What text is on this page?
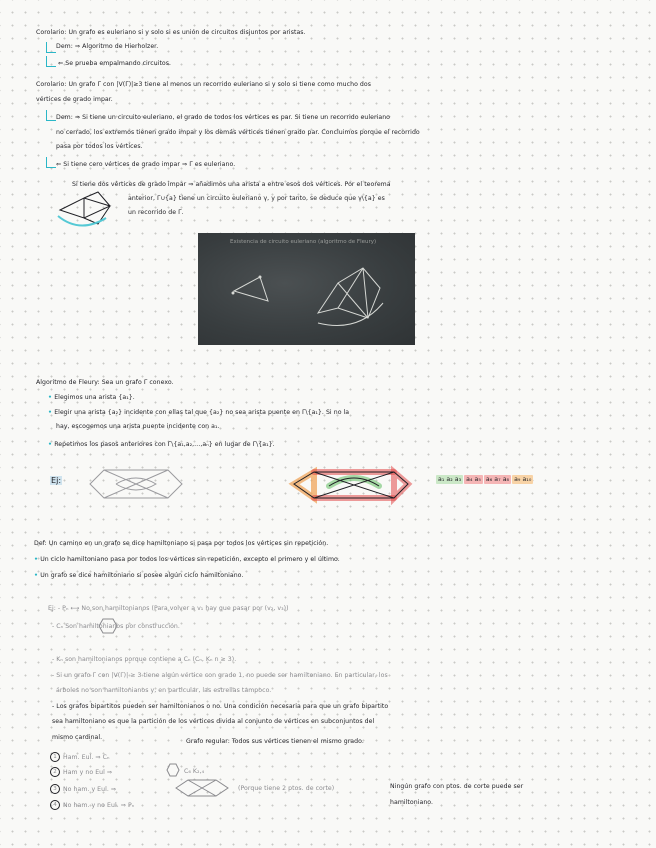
Corolario: Un grafo es euleriano si y solo si es unión de circuitos disjuntos por aristas.
Dem: ⇒ Algoritmo de Hierholzer.
⇐ Se prueba empalmando circuitos.
Corolario: Un grafo Γ con |V(Γ)|≥3 tiene al menos un recorrido euleriano si y solo si tiene como mucho dos
vértices de grado impar.
Dem: ⇒ Si tiene un circuito euleriano, el grado de todos los vértices es par. Si tiene un recorrido euleriano
no cerrado, los extremos tienen grado impar y los demás vértices tienen grado par. Concluimos porque el recorrido
pasa por todos los vértices.
⇐ Si tiene cero vértices de grado impar ⇒ Γ es euleriano.
Si tiene dos vértices de grado impar ⇒ añadimos una arista a entre esos dos vértices. Por el teorema
anterior, Γ∪{a} tiene un circuito euleriano γ, y por tanto, se deduce que γ\{a} es
un recorrido de Γ.
Existencia de circuito euleriano (algoritmo de Fleury)
Algoritmo de Fleury: Sea un grafo Γ conexo.
• Elegimos una arista {a₁}.
• Elegir una arista {a₂} incidente con ellas tal que {a₂} no sea arista puente en Γ\{a₁}. Si no la
hay, escogemos una arista puente incidente con a₁.
• Repetimos los pasos anteriores con Γ\{a₁,a₂,…,aₙ} en lugar de Γ\{a₁}.
Ej:	a₁ a₂ a₃ a₄ a₅ a₆ a₇ a₈ a₉ a₁₀
Def: Un camino en un grafo se dice hamiltoniano si pasa por todos los vértices sin repetición.
• Un ciclo hamiltoniano pasa por todos los vértices sin repetición, excepto el primero y el último.
• Un grafo se dice hamiltoniano si posee algún ciclo hamiltoniano.
Ej: - Pₙ ⟷ No son hamiltonianos (Para volver a v₁ hay que pasar por (v₂, v₃))
- Cₙ Son hamiltonianos por construcción.
- Kₙ son hamiltonianos porque contiene a Cₙ (Cₙ, Kₙ n ≥ 3).
- Si un grafo Γ con |V(Γ)| ≥ 3 tiene algún vértice con grado 1, no puede ser hamiltoniano. En particular, los
árboles no son hamiltonianos y, en particular, las estrellas tampoco.
- Los grafos bipartitos pueden ser hamiltonianos o no. Una condición necesaria para que un grafo bipartito
sea hamiltoniano es que la partición de los vértices divida al conjunto de vértices en subconjuntos del
mismo cardinal.
Grafo regular: Todos sus vértices tienen el mismo grado.
1 Ham. Eul. ⇒ Cₙ
2 Ham y no Eul ⇒	C₆ K₂,₄
3 No ham. y Eul. ⇒	(Porque tiene 2 ptos. de corte)	Ningún grafo con ptos. de corte puede ser
hamiltoniano.
4 No ham. y no Eul. ⇒ Pₙ
